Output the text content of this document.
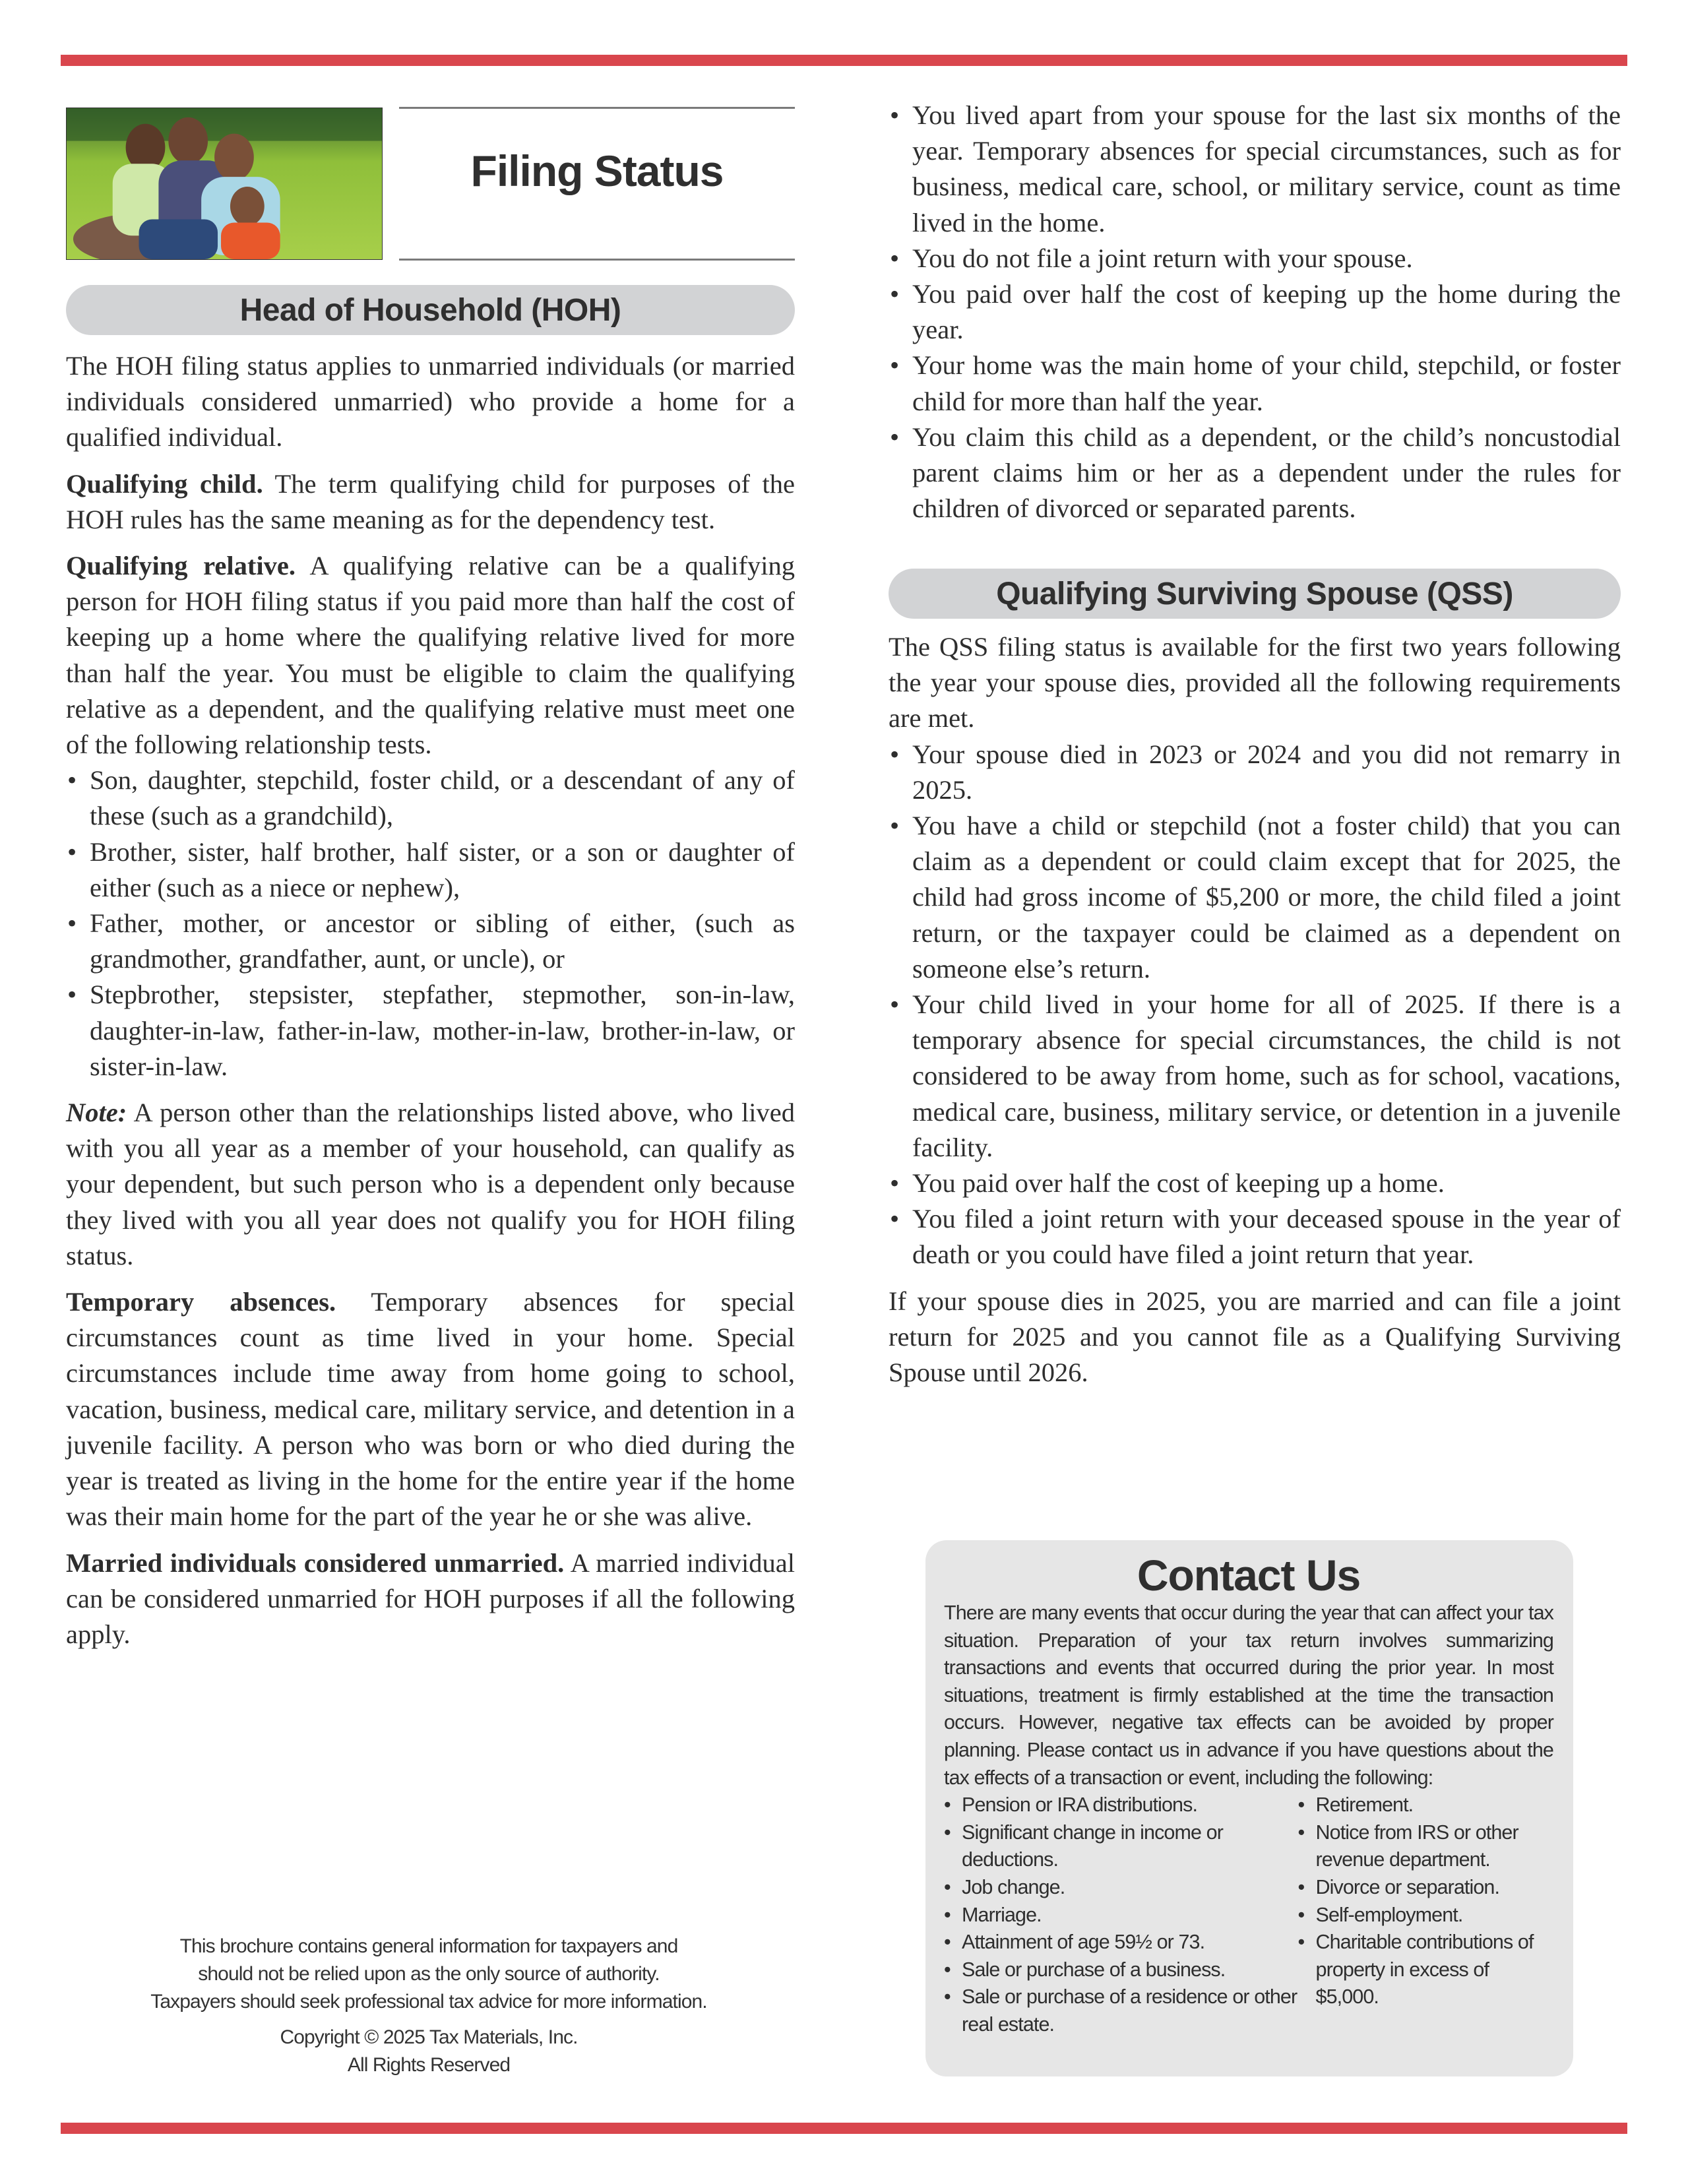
Filing Status
Head of Household (HOH)

The HOH filing status applies to unmarried individuals (or married individuals considered unmarried) who provide a home for a qualified individual.

Qualifying child. The term qualifying child for purposes of the HOH rules has the same meaning as for the dependency test.

Qualifying relative. A qualifying relative can be a qualifying person for HOH filing status if you paid more than half the cost of keeping up a home where the qualifying relative lived for more than half the year. You must be eligible to claim the qualifying relative as a dependent, and the qualifying relative must meet one of the following relationship tests.

• Son, daughter, stepchild, foster child, or a descendant of any of these (such as a grandchild),
• Brother, sister, half brother, half sister, or a son or daughter of either (such as a niece or nephew),
• Father, mother, or ancestor or sibling of either, (such as grandmother, grandfather, aunt, or uncle), or
• Stepbrother, stepsister, stepfather, stepmother, son-in-law, daughter-in-law, father-in-law, mother-in-law, brother-in-law, or sister-in-law.

Note: A person other than the relationships listed above, who lived with you all year as a member of your household, can qualify as your dependent, but such person who is a dependent only because they lived with you all year does not qualify you for HOH filing status.

Temporary absences. Temporary absences for special circumstances count as time lived in your home. Special circumstances include time away from home going to school, vacation, business, medical care, military service, and detention in a juvenile facility. A person who was born or who died during the year is treated as living in the home for the entire year if the home was their main home for the part of the year he or she was alive.

Married individuals considered unmarried. A married individual can be considered unmarried for HOH purposes if all the following apply.

• You lived apart from your spouse for the last six months of the year. Temporary absences for special circumstances, such as for business, medical care, school, or military service, count as time lived in the home.
• You do not file a joint return with your spouse.
• You paid over half the cost of keeping up the home during the year.
• Your home was the main home of your child, stepchild, or foster child for more than half the year.
• You claim this child as a dependent, or the child’s noncustodial parent claims him or her as a dependent under the rules for children of divorced or separated parents.
Qualifying Surviving Spouse (QSS)

The QSS filing status is available for the first two years following the year your spouse dies, provided all the following requirements are met.

• Your spouse died in 2023 or 2024 and you did not remarry in 2025.
• You have a child or stepchild (not a foster child) that you can claim as a dependent or could claim except that for 2025, the child had gross income of $5,200 or more, the child filed a joint return, or the taxpayer could be claimed as a dependent on someone else’s return.
• Your child lived in your home for all of 2025. If there is a temporary absence for special circumstances, the child is not considered to be away from home, such as for school, vacations, medical care, business, military service, or detention in a juvenile facility.
• You paid over half the cost of keeping up a home.
• You filed a joint return with your deceased spouse in the year of death or you could have filed a joint return that year.

If your spouse dies in 2025, you are married and can file a joint return for 2025 and you cannot file as a Qualifying Surviving Spouse until 2026.

Contact Us

There are many events that occur during the year that can affect your tax situation. Preparation of your tax return involves summarizing transactions and events that occurred during the prior year. In most situations, treatment is firmly established at the time the transaction occurs. However, negative tax effects can be avoided by proper planning. Please contact us in advance if you have questions about the tax effects of a transaction or event, including the following:

• Pension or IRA distributions.
• Significant change in income or deductions.
• Job change.
• Marriage.
• Attainment of age 59½ or 73.
• Sale or purchase of a business.
• Sale or purchase of a residence or other real estate.
• Retirement.
• Notice from IRS or other revenue department.
• Divorce or separation.
• Self-employment.
• Charitable contributions of property in excess of $5,000.

This brochure contains general information for taxpayers and

should not be relied upon as the only source of authority.

Taxpayers should seek professional tax advice for more information.

Copyright © 2025 Tax Materials, Inc.

All Rights Reserved
